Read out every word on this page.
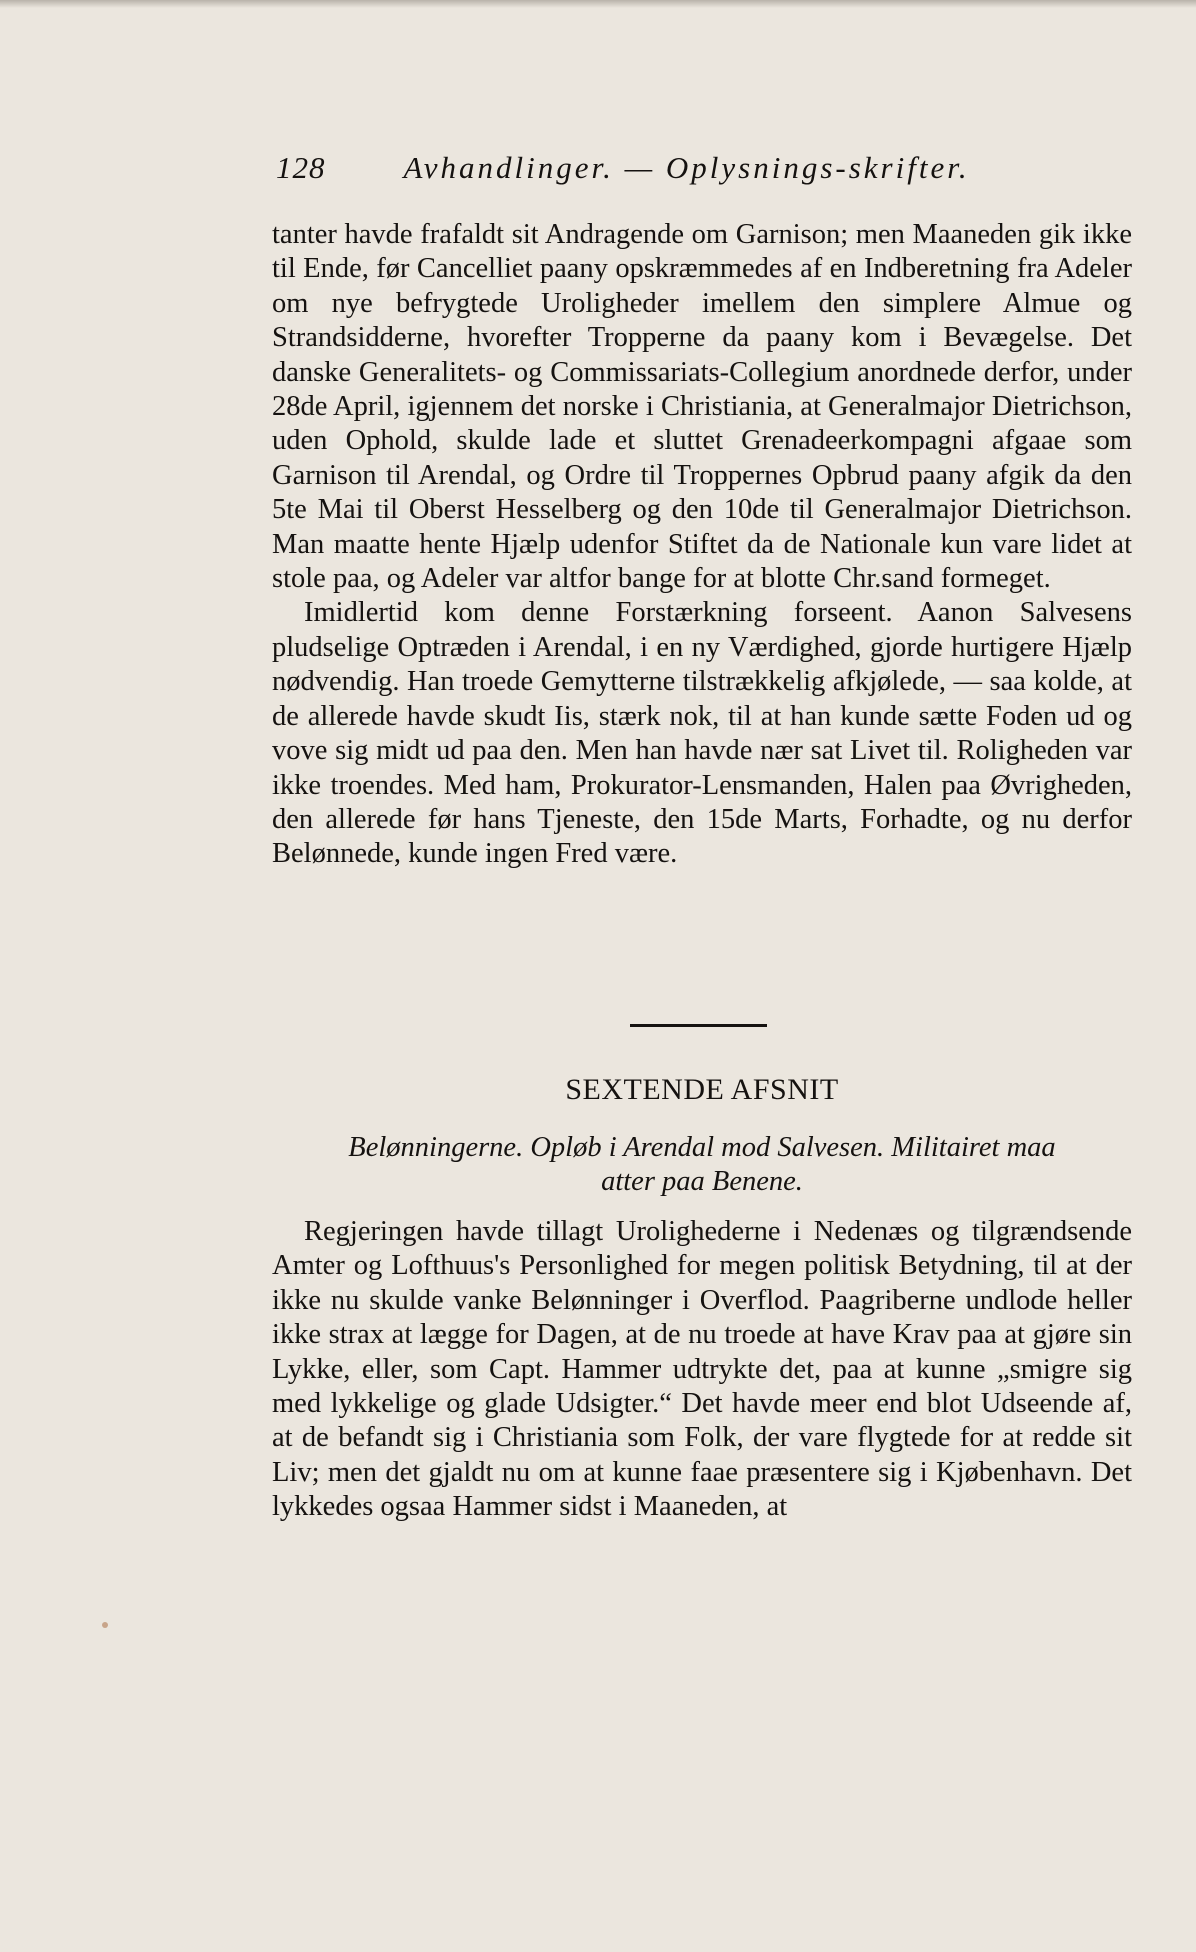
128	Avhandlinger. — Oplysnings-skrifter.

tanter havde frafaldt sit Andragende om Garnison; men Maaneden gik ikke til Ende, før Cancelliet paany opskræmmedes af en Indberetning fra Adeler om nye befrygtede Uroligheder imellem den simplere Almue og Strandsidderne, hvorefter Tropperne da paany kom i Bevægelse. Det danske Generalitets- og Commissariats-Collegium anordnede derfor, under 28de April, igjennem det norske i Christiania, at Generalmajor Dietrichson, uden Ophold, skulde lade et sluttet Grenadeerkompagni afgaae som Garnison til Arendal, og Ordre til Troppernes Opbrud paany afgik da den 5te Mai til Oberst Hesselberg og den 10de til Generalmajor Dietrichson. Man maatte hente Hjælp udenfor Stiftet da de Nationale kun vare lidet at stole paa, og Adeler var altfor bange for at blotte Chr.sand formeget.

Imidlertid kom denne Forstærkning forseent. Aanon Salvesens pludselige Optræden i Arendal, i en ny Værdighed, gjorde hurtigere Hjælp nødvendig. Han troede Gemytterne tilstrækkelig afkjølede, — saa kolde, at de allerede havde skudt Iis, stærk nok, til at han kunde sætte Foden ud og vove sig midt ud paa den. Men han havde nær sat Livet til. Roligheden var ikke troendes. Med ham, Prokurator-Lensmanden, Halen paa Øvrigheden, den allerede før hans Tjeneste, den 15de Marts, Forhadte, og nu derfor Belønnede, kunde ingen Fred være.

SEXTENDE AFSNIT
Belønningerne. Opløb i Arendal mod Salvesen. Militairet maa
atter paa Benene.

Regjeringen havde tillagt Urolighederne i Nedenæs og tilgrændsende Amter og Lofthuus's Personlighed for megen politisk Betydning, til at der ikke nu skulde vanke Belønninger i Overflod. Paagriberne undlode heller ikke strax at lægge for Dagen, at de nu troede at have Krav paa at gjøre sin Lykke, eller, som Capt. Hammer udtrykte det, paa at kunne „smigre sig med lykkelige og glade Udsigter.“ Det havde meer end blot Udseende af, at de befandt sig i Christiania som Folk, der vare flygtede for at redde sit Liv; men det gjaldt nu om at kunne faae præsentere sig i Kjøbenhavn. Det lykkedes ogsaa Hammer sidst i Maaneden, at
